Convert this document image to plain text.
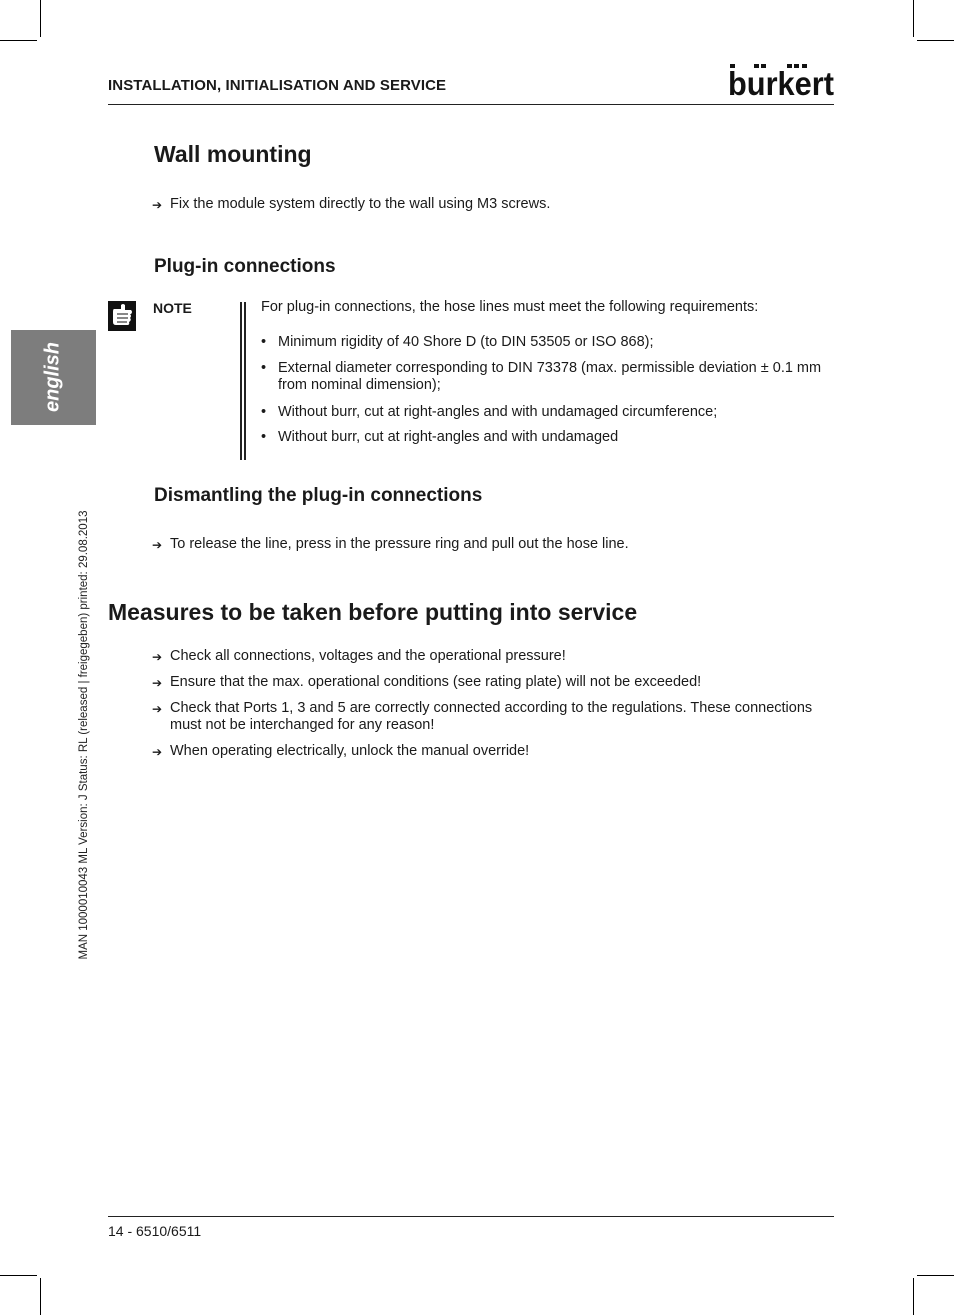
INSTALLATION, INITIALISATION AND SERVICE	burkert
english
MAN 1000010043 ML Version: J Status: RL (released | freigegeben) printed: 29.08.2013
Wall mounting
➔ Fix the module system directly to the wall using M3 screws.
Plug-in connections
NOTE	For plug-in connections, the hose lines must meet the following requirements:
• Minimum rigidity of 40 Shore D (to DIN 53505 or ISO 868);
• External diameter corresponding to DIN 73378 (max. permissible deviation ± 0.1 mm from nominal dimension);
• Without burr, cut at right-angles and with undamaged circumference;
• Without burr, cut at right-angles and with undamaged
Dismantling the plug-in connections
➔ To release the line, press in the pressure ring and pull out the hose line.
Measures to be taken before putting into service
➔ Check all connections, voltages and the operational pressure!
➔ Ensure that the max. operational conditions (see rating plate) will not be exceeded!
➔ Check that Ports 1, 3 and 5 are correctly connected according to the regulations. These connections must not be interchanged for any reason!
➔ When operating electrically, unlock the manual override!
14 - 6510/6511
